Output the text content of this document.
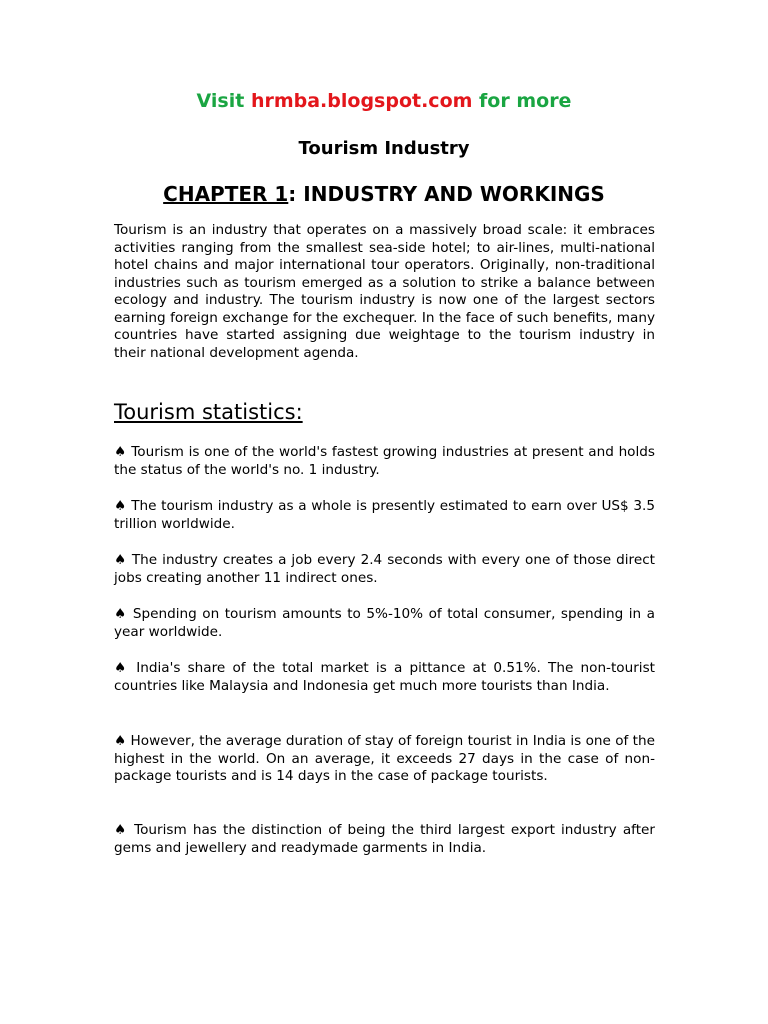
Visit hrmba.blogspot.com for more
Tourism Industry
CHAPTER 1: INDUSTRY AND WORKINGS

Tourism is an industry that operates on a massively broad scale: it embraces activities ranging from the smallest sea-side hotel; to air-lines, multi-national hotel chains and major international tour operators. Originally, non-traditional industries such as tourism emerged as a solution to strike a balance between ecology and industry. The tourism industry is now one of the largest sectors earning foreign exchange for the exchequer. In the face of such benefits, many countries have started assigning due weightage to the tourism industry in their national development agenda.

Tourism statistics:

♠ Tourism is one of the world's fastest growing industries at present and holds the status of the world's no. 1 industry.

♠ The tourism industry as a whole is presently estimated to earn over US$ 3.5 trillion worldwide.

♠ The industry creates a job every 2.4 seconds with every one of those direct jobs creating another 11 indirect ones.

♠ Spending on tourism amounts to 5%-10% of total consumer, spending in a year worldwide.

♠ India's share of the total market is a pittance at 0.51%. The non-tourist countries like Malaysia and Indonesia get much more tourists than India.

♠ However, the average duration of stay of foreign tourist in India is one of the highest in the world. On an average, it exceeds 27 days in the case of non-package tourists and is 14 days in the case of package tourists.

♠ Tourism has the distinction of being the third largest export industry after gems and jewellery and readymade garments in India.
